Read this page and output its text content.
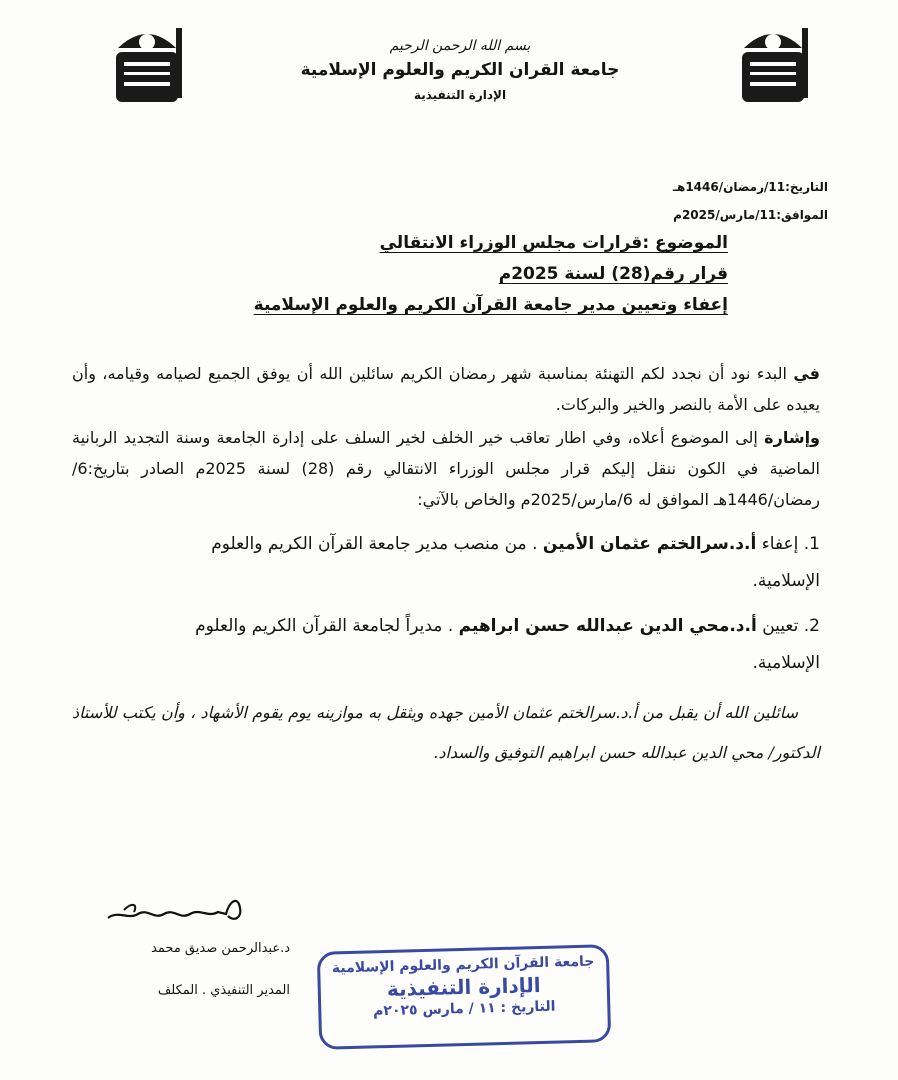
بسم الله الرحمن الرحيم
جامعة القران الكريم والعلوم الإسلامية
الإدارة التنفيذية
التاريخ:11/رمضان/1446هـ
الموافق:11/مارس/2025م
الموضوع :قرارات مجلس الوزراء الانتقالي
قرار رقم(28) لسنة 2025م
إعفاء وتعيين مدير جامعة القرآن الكريم والعلوم الإسلامية

في البدء نود أن نجدد لكم التهنئة بمناسبة شهر رمضان الكريم سائلين الله أن يوفق الجميع لصيامه وقيامه، وأن يعيده على الأمة بالنصر والخير والبركات.

وإشارة إلى الموضوع أعلاه، وفي اطار تعاقب خير الخلف لخير السلف على إدارة الجامعة وسنة التجديد الربانية الماضية في الكون ننقل إليكم قرار مجلس الوزراء الانتقالي رقم (28) لسنة 2025م الصادر بتاريخ:6/رمضان/1446هـ الموافق له 6/مارس/2025م والخاص بالآتي:

1. إعفاء أ.د.سرالختم عثمان الأمين . من منصب مدير جامعة القرآن الكريم والعلوم

الإسلامية.

2. تعيين أ.د.محي الدين عبدالله حسن ابراهيم . مديراً لجامعة القرآن الكريم والعلوم

الإسلامية.

سائلين الله أن يقبل من أ.د.سرالختم عثمان الأمين جهده ويثقل به موازينه يوم يقوم الأشهاد ، وأن يكتب للأستاذ الدكتور/ محي الدين عبدالله حسن ابراهيم التوفيق والسداد.

د.عبدالرحمن صديق محمد
المدير التنفيذي . المكلف
جامعة القرآن الكريم والعلوم الإسلامية
الإدارة التنفيذية
التاريخ : ١١ / مارس ٢٠٢٥م
